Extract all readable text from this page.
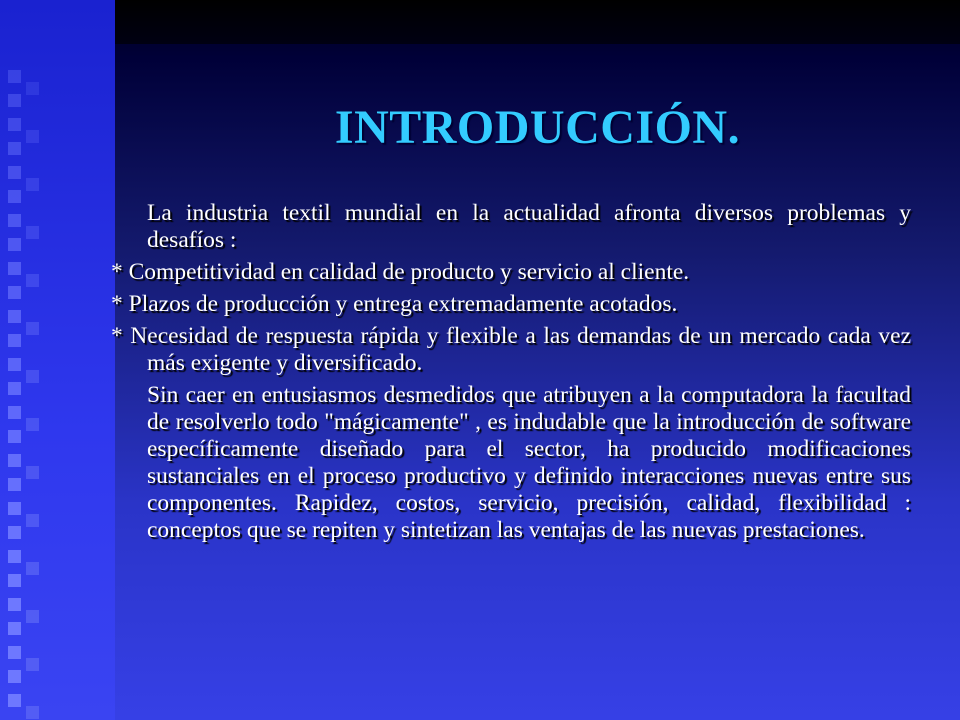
INTRODUCCIÓN.

La industria textil mundial en la actualidad afronta diversos problemas y desafíos :

* Competitividad en calidad de producto y servicio al cliente.

* Plazos de producción y entrega extremadamente acotados.

* Necesidad de respuesta rápida y flexible a las demandas de un mercado cada vez más exigente y diversificado.

Sin caer en entusiasmos desmedidos que atribuyen a la computadora la facultad de resolverlo todo "mágicamente" , es indudable que la introducción de software específicamente diseñado para el sector, ha producido modificaciones sustanciales en el proceso productivo y definido interacciones nuevas entre sus componentes. Rapidez, costos, servicio, precisión, calidad, flexibilidad : conceptos que se repiten y sintetizan las ventajas de las nuevas prestaciones.
